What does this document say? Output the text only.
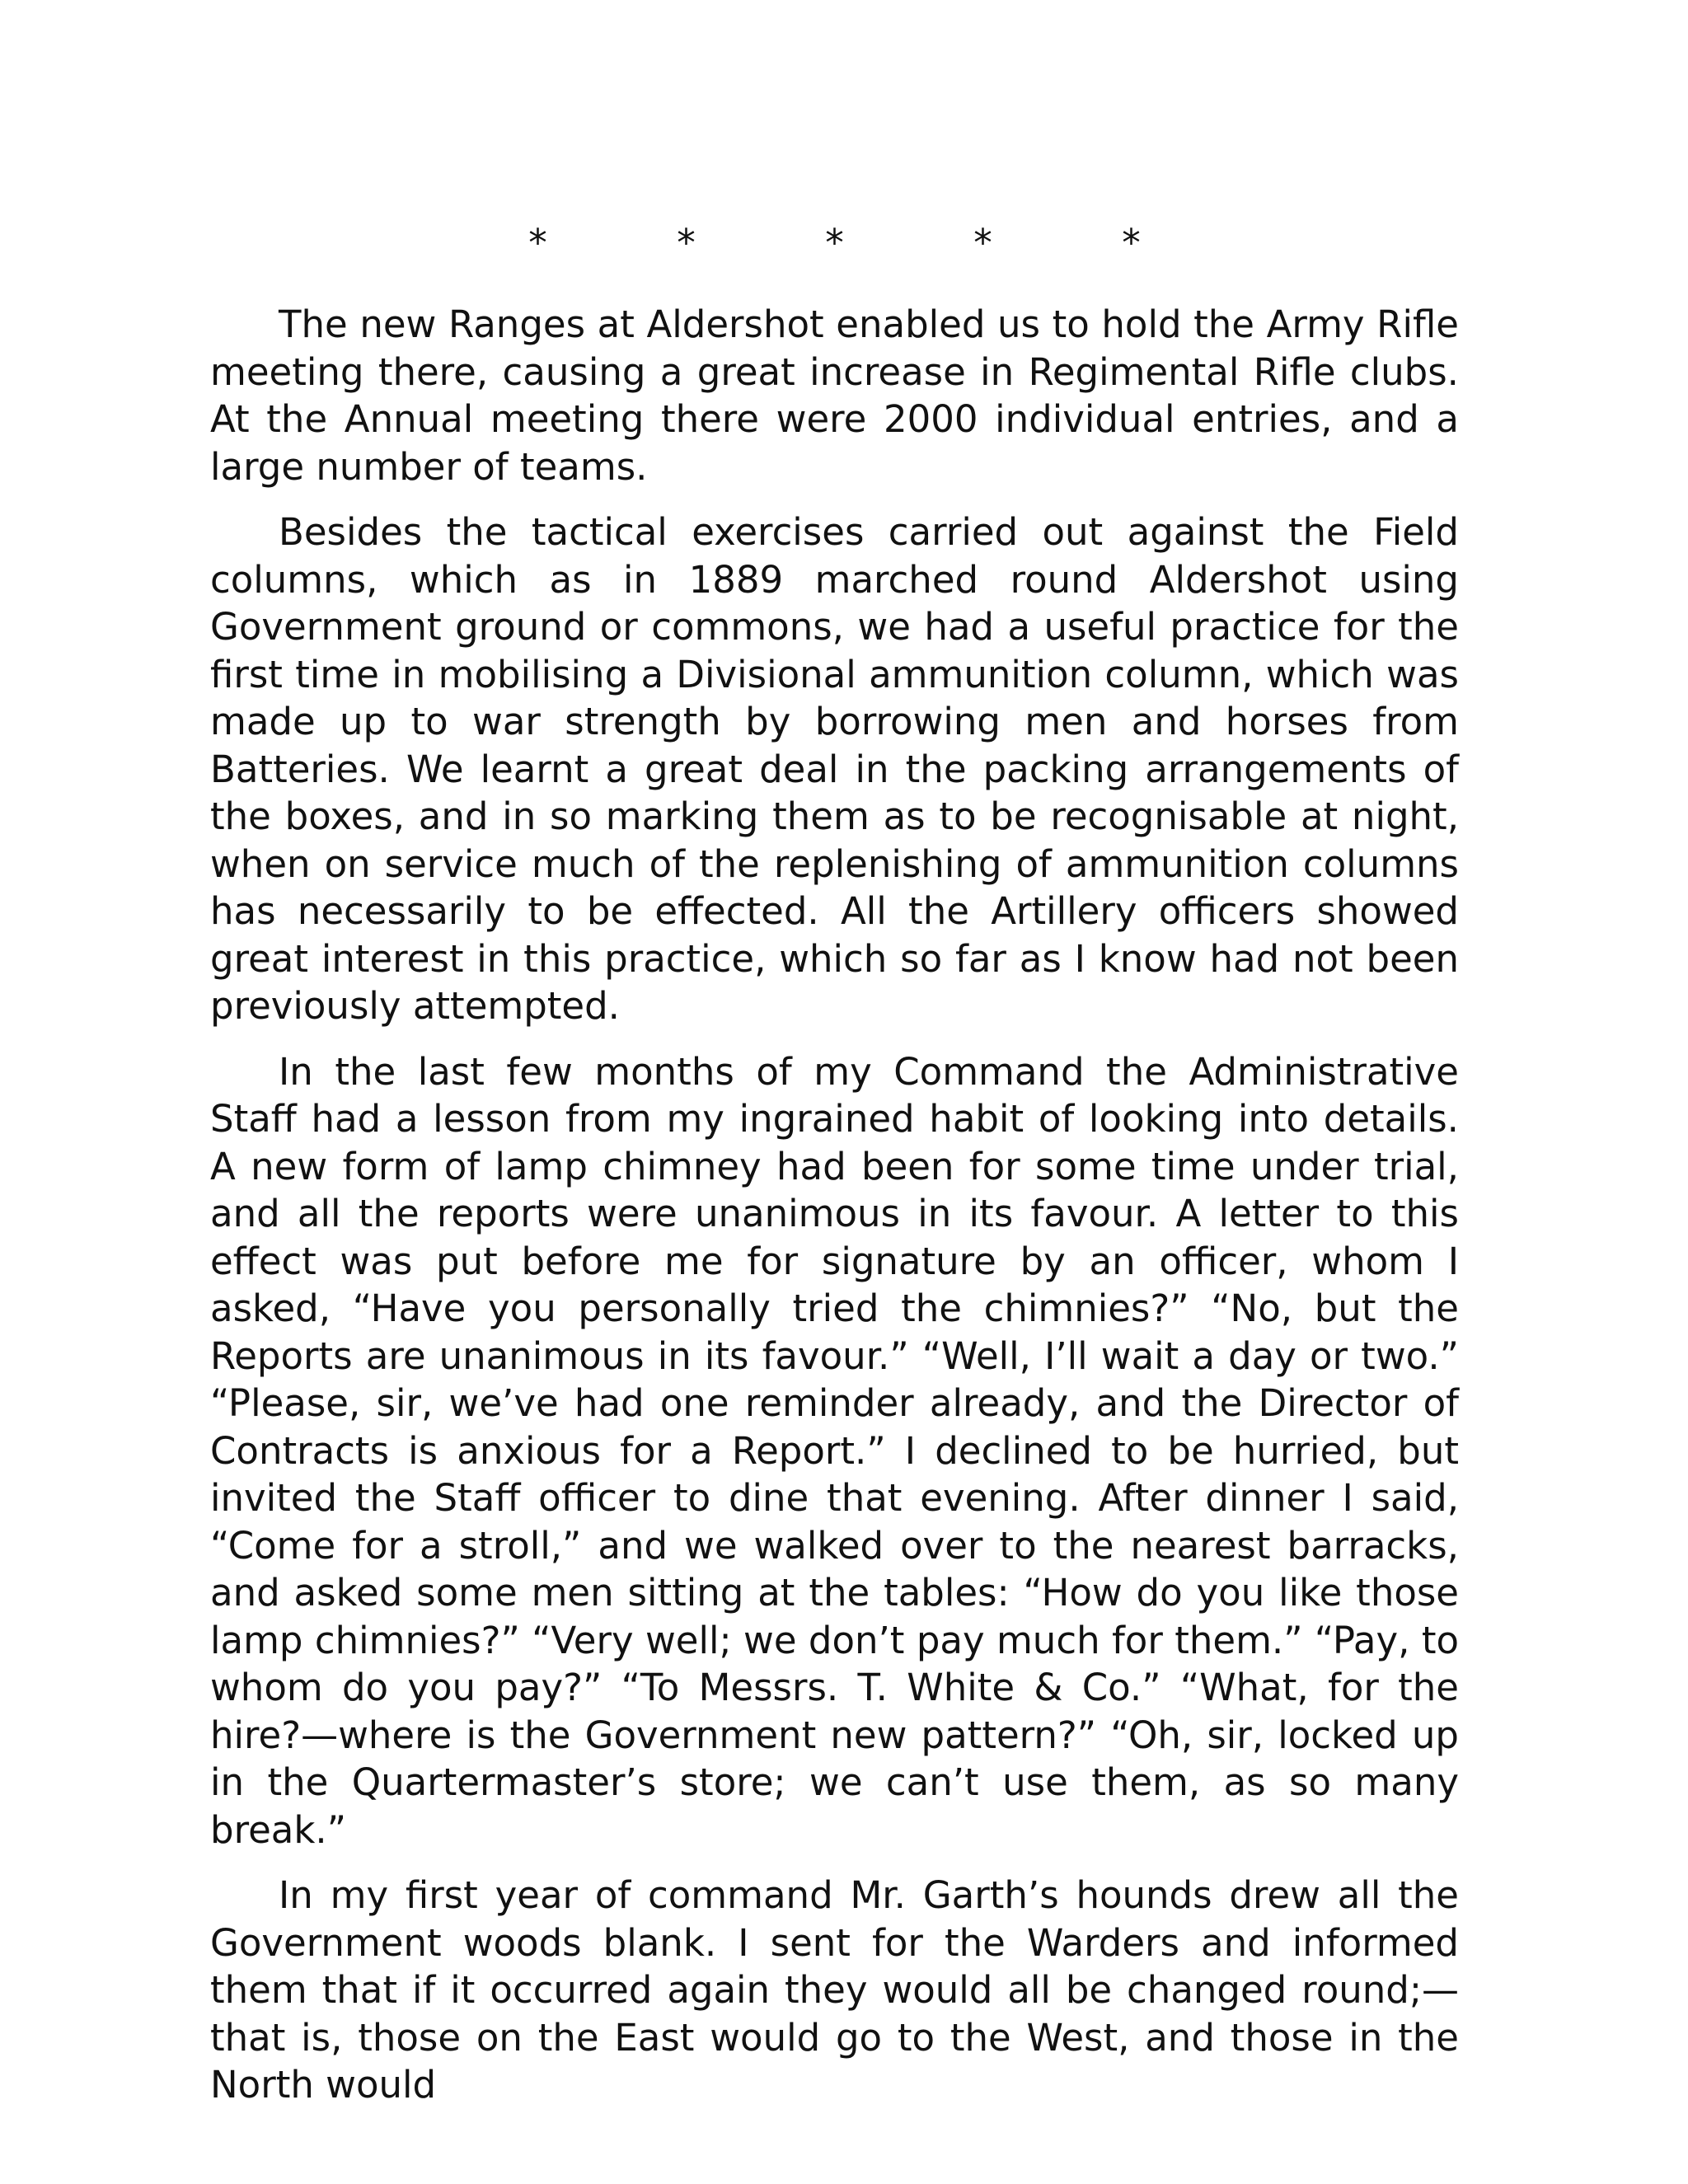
*	*	*	*	*

The new Ranges at Aldershot enabled us to hold the Army Rifle meeting there, causing a great increase in Regimental Rifle clubs. At the Annual meeting there were 2000 individual entries, and a large number of teams.

Besides the tactical exercises carried out against the Field columns, which as in 1889 marched round Aldershot using Government ground or commons, we had a useful practice for the first time in mobilising a Divisional ammunition column, which was made up to war strength by borrowing men and horses from Batteries. We learnt a great deal in the packing arrangements of the boxes, and in so marking them as to be recognisable at night, when on service much of the replenishing of ammunition columns has necessarily to be effected. All the Artillery officers showed great interest in this practice, which so far as I know had not been previously attempted.

In the last few months of my Command the Administrative Staff had a lesson from my ingrained habit of looking into details. A new form of lamp chimney had been for some time under trial, and all the reports were unanimous in its favour. A letter to this effect was put before me for signature by an officer, whom I asked, “Have you personally tried the chimnies?” “No, but the Reports are unanimous in its favour.” “Well, I’ll wait a day or two.” “Please, sir, we’ve had one reminder already, and the Director of Contracts is anxious for a Report.” I declined to be hurried, but invited the Staff officer to dine that evening. After dinner I said, “Come for a stroll,” and we walked over to the nearest barracks, and asked some men sitting at the tables: “How do you like those lamp chimnies?” “Very well; we don’t pay much for them.” “Pay, to whom do you pay?” “To Messrs. T. White & Co.” “What, for the hire?—where is the Government new pattern?” “Oh, sir, locked up in the Quartermaster’s store; we can’t use them, as so many break.”

In my first year of command Mr. Garth’s hounds drew all the Government woods blank. I sent for the Warders and informed them that if it occurred again they would all be changed round;—that is, those on the East would go to the West, and those in the North would
